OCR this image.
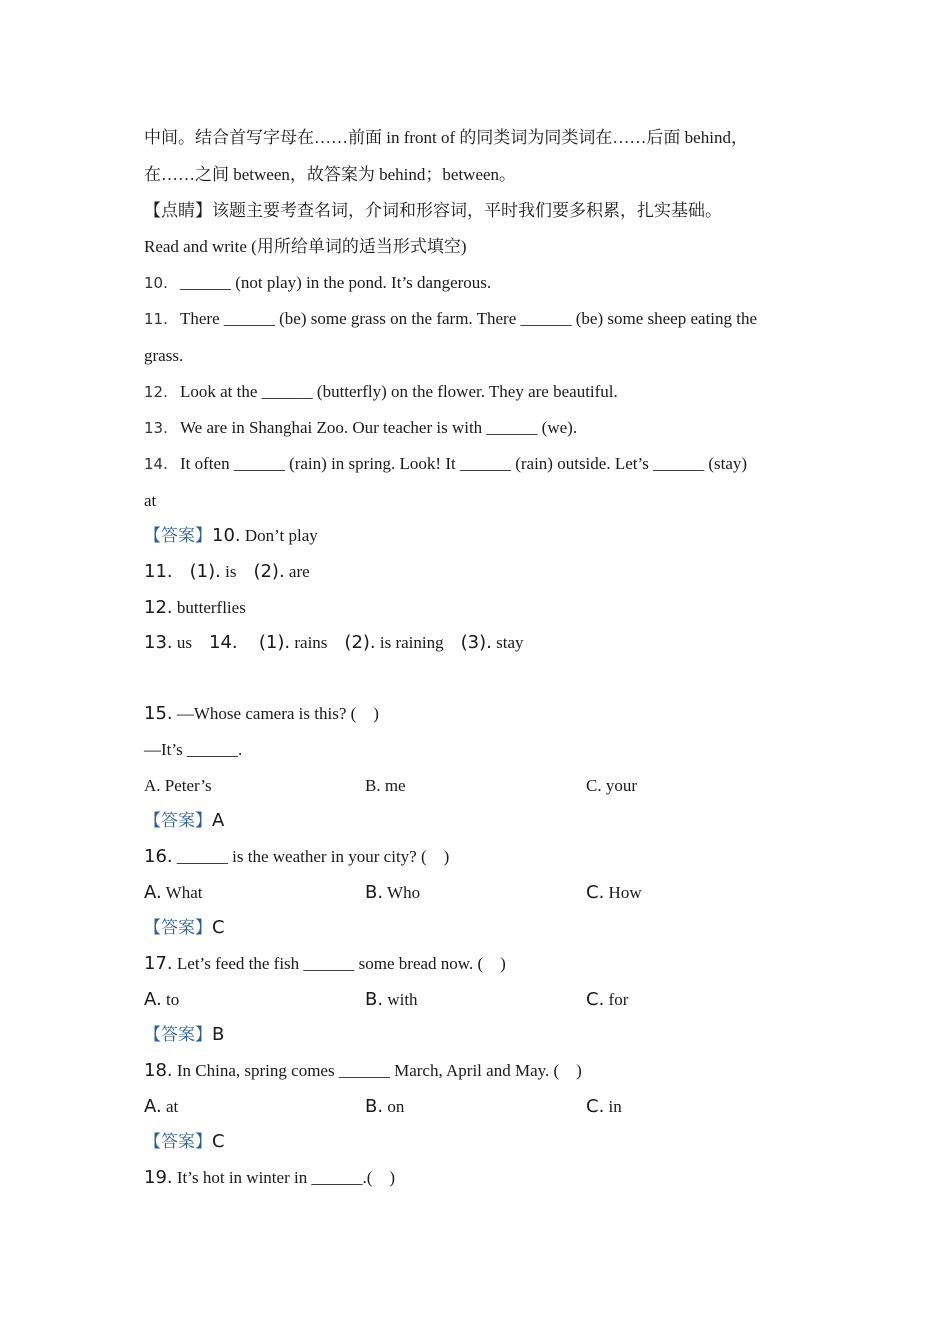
中间。结合首写字母在……前面 in front of 的同类词为同类词在……后面 behind，
在……之间 between，故答案为 behind；between。
【点睛】该题主要考查名词，介词和形容词，平时我们要多积累，扎实基础。
Read and write (用所给单词的适当形式填空)
10. ______ (not play) in the pond. It’s dangerous.
11. There ______ (be) some grass on the farm. There ______ (be) some sheep eating the
grass.
12. Look at the ______ (butterfly) on the flower. They are beautiful.
13. We are in Shanghai Zoo. Our teacher is with ______ (we).
14. It often ______ (rain) in spring. Look! It ______ (rain) outside. Let’s ______ (stay)
at
【答案】10. Don’t play
11. (1). is (2). are
12. butterflies
13. us 14. (1). rains (2). is raining (3). stay
15. —Whose camera is this? (    )
—It’s ______.
A. Peter’s	B. me	C. your
【答案】A
16. ______ is the weather in your city? (    )
A. What	B. Who	C. How
【答案】C
17. Let’s feed the fish ______ some bread now. (    )
A. to	B. with	C. for
【答案】B
18. In China, spring comes ______ March, April and May. (    )
A. at	B. on	C. in
【答案】C
19. It’s hot in winter in ______.(    )
